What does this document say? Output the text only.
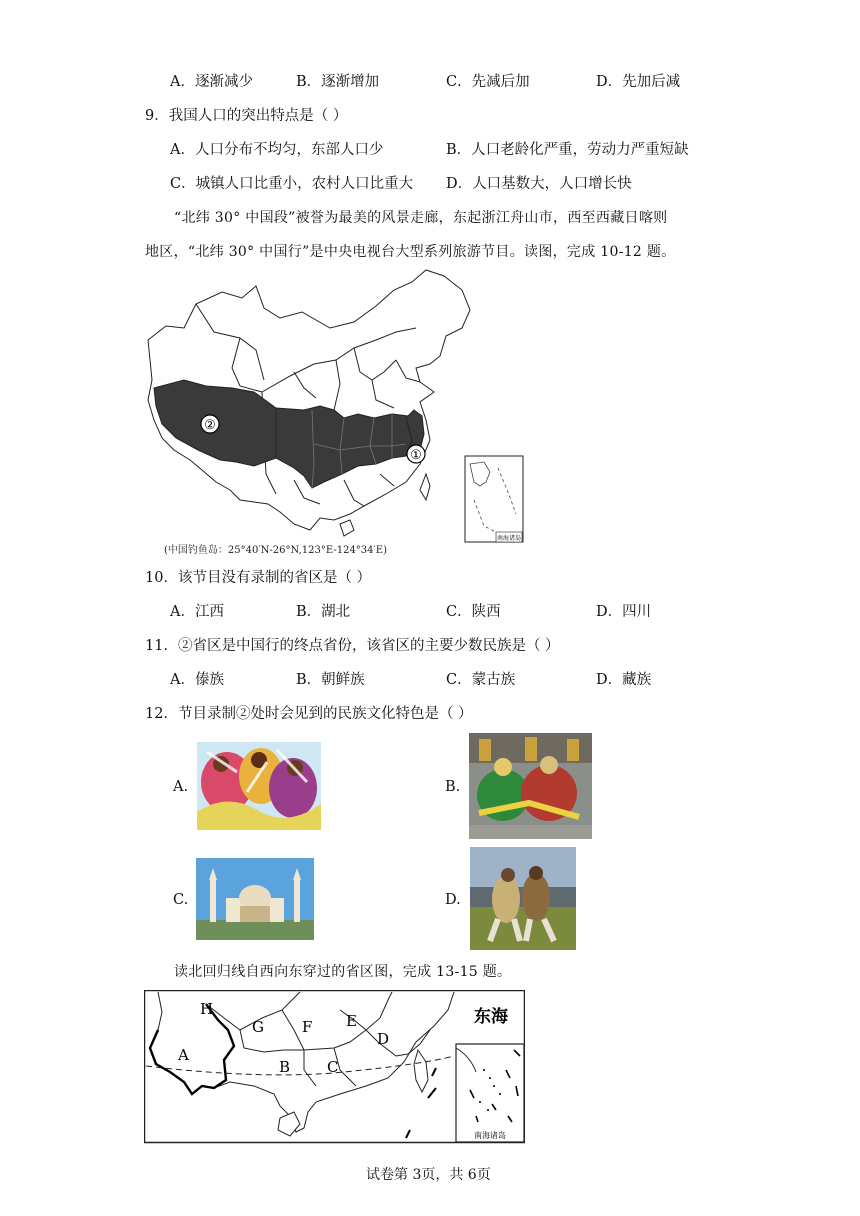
A．逐渐减少	B．逐渐增加	C．先减后加	D．先加后减
9．我国人口的突出特点是（ ）
A．人口分布不均匀，东部人口少	B．人口老龄化严重，劳动力严重短缺
C．城镇人口比重小，农村人口比重大 D．人口基数大，人口增长快
“北纬 30° 中国段”被誉为最美的风景走廊，东起浙江舟山市，西至西藏日喀则
地区，“北纬 30° 中国行”是中央电视台大型系列旅游节目。读图，完成 10-12 题。
②
①
南海诸岛
(中国钓鱼岛：25°40′N-26°N,123°E-124°34′E)
10．该节目没有录制的省区是（ ）
A．江西	B．湖北	C．陕西	D．四川
11．②省区是中国行的终点省份，该省区的主要少数民族是（ ）
A．傣族	B．朝鲜族	C．蒙古族	D．藏族
12．节目录制②处时会见到的民族文化特色是（ ）
A.	B.
C.	D.
读北回归线自西向东穿过的省区图，完成 13-15 题。
南海诸岛
东海
A
B C
D
E
F
G
H
试卷第 3页，共 6页
